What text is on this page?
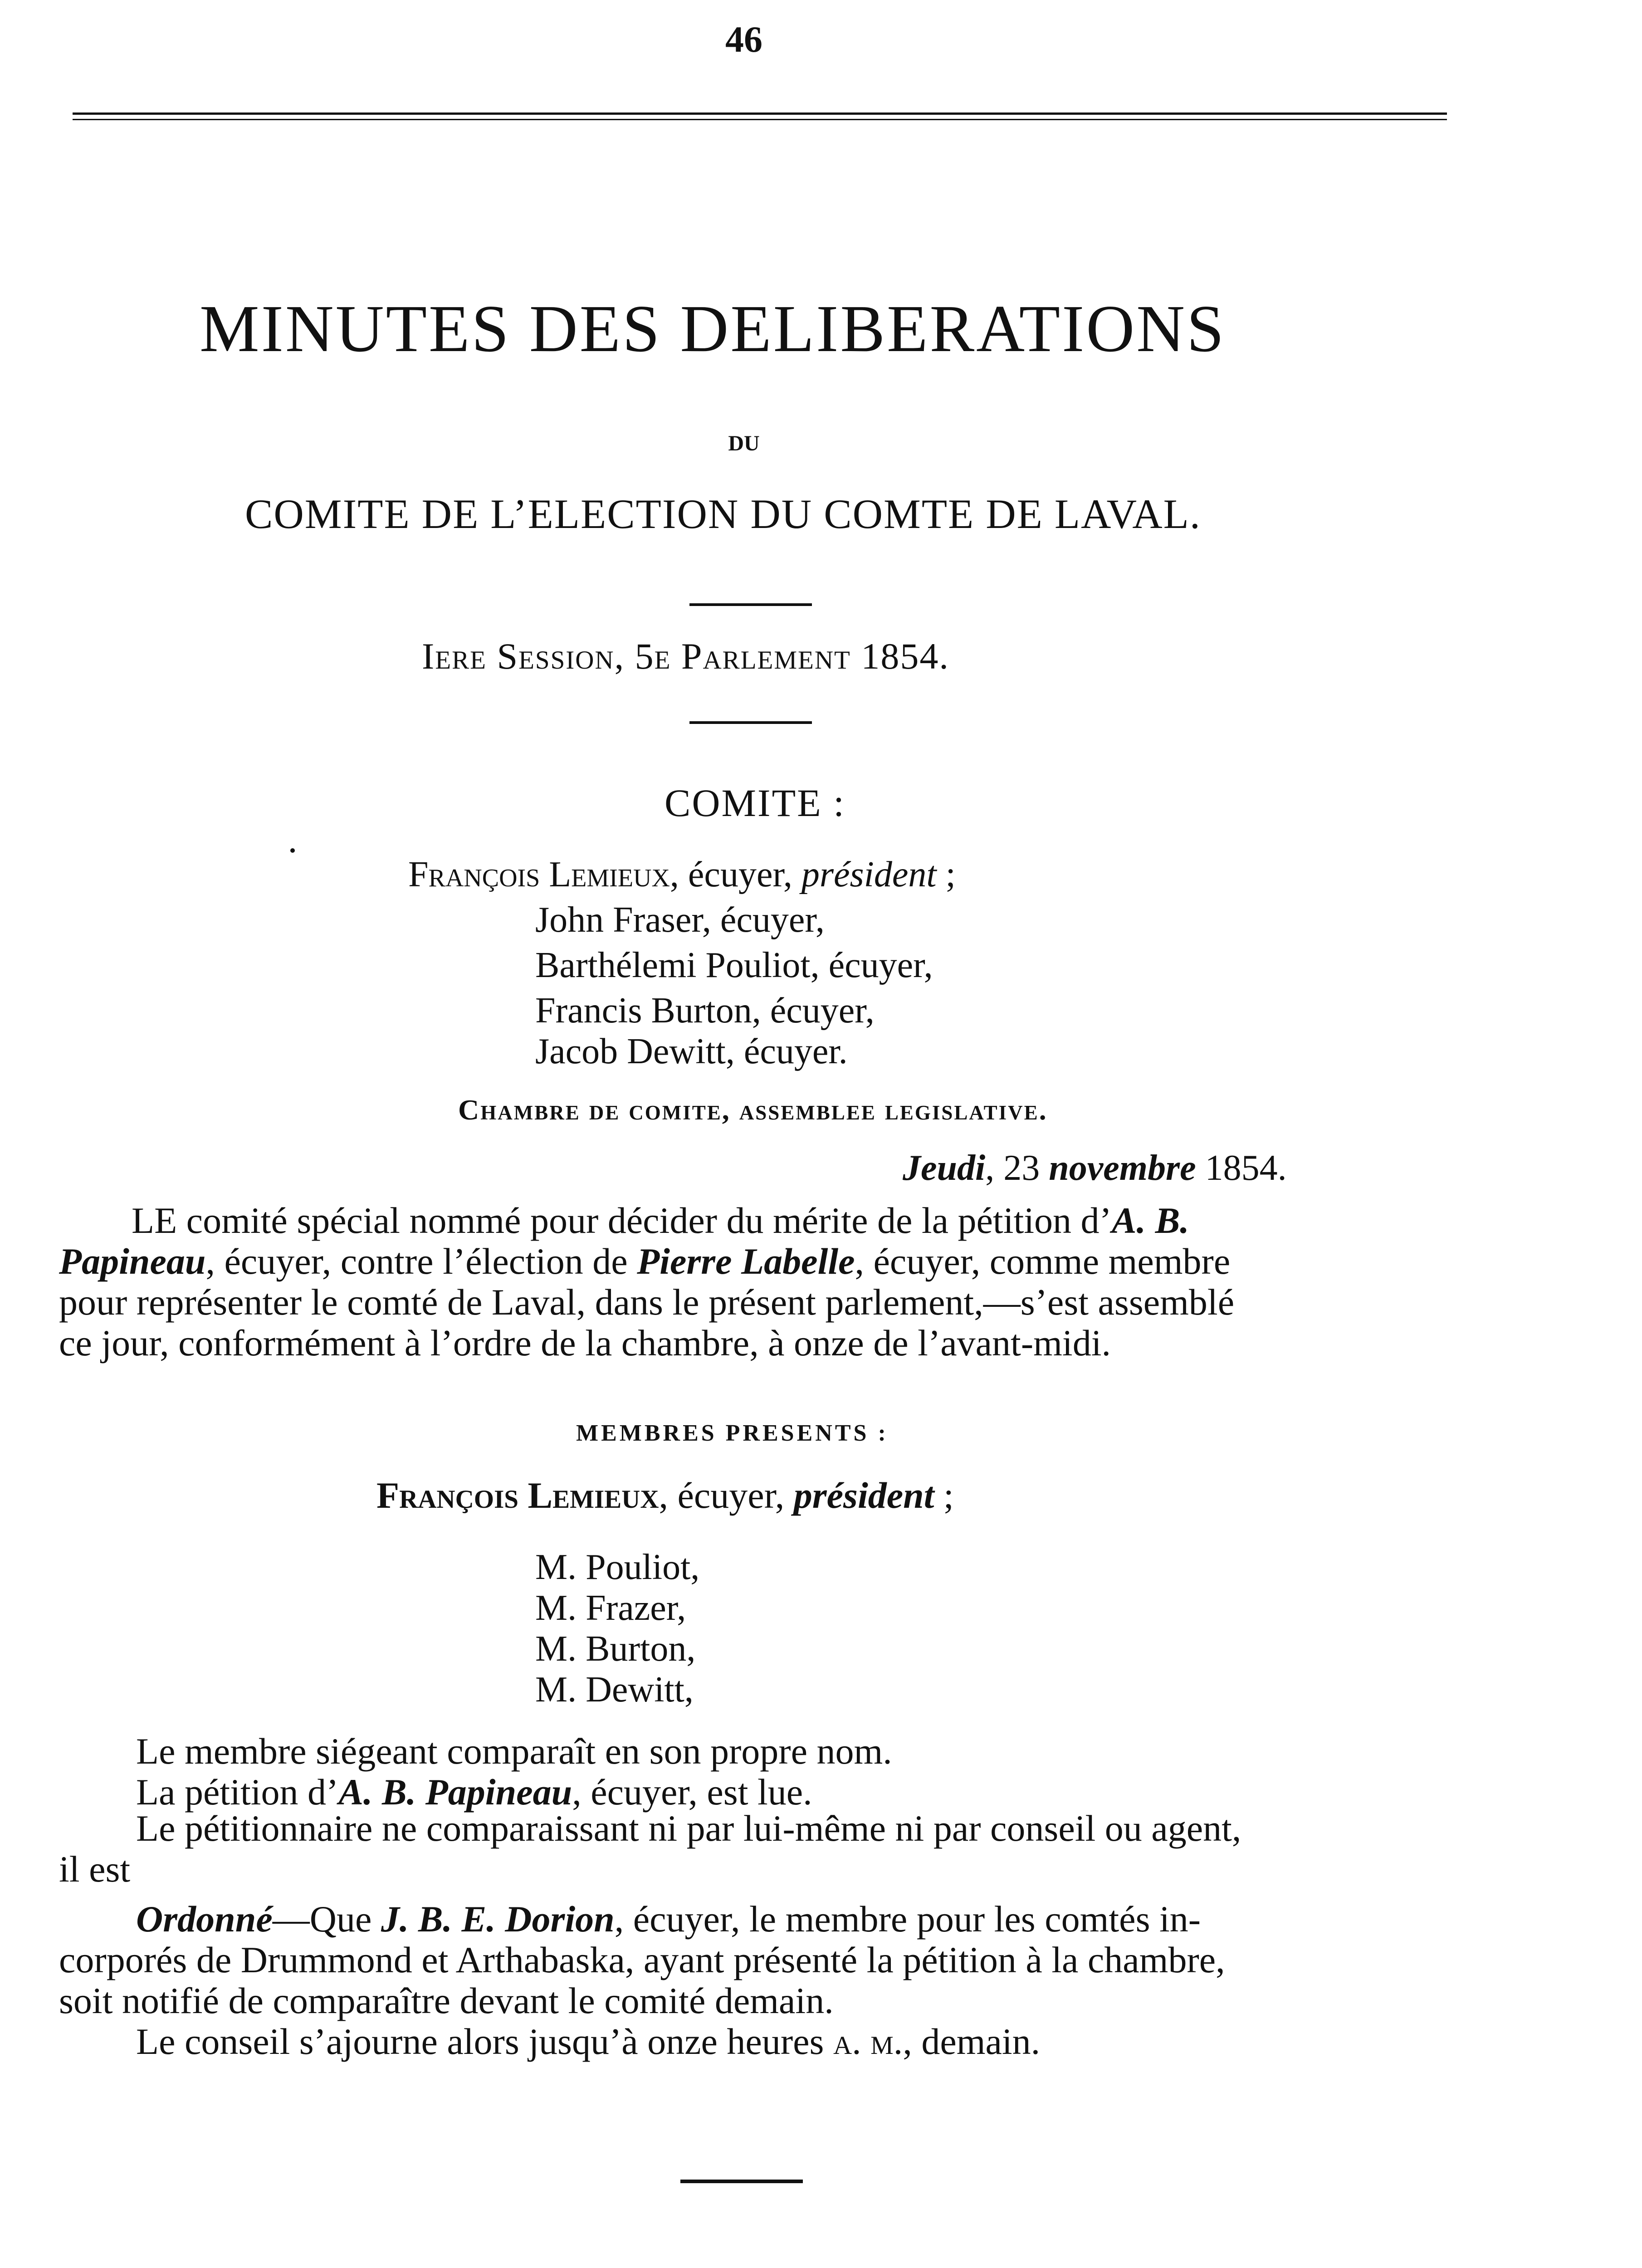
46
MINUTES DES DELIBERATIONS
DU
COMITE DE L’ELECTION DU COMTE DE LAVAL.
Iere Session, 5e Parlement 1854.
COMITE :
François Lemieux, écuyer, président ;
John Fraser, écuyer,
Barthélemi Pouliot, écuyer,
Francis Burton, écuyer,
Jacob Dewitt, écuyer.
Chambre de comite, assemblee legislative.
Jeudi, 23 novembre 1854.
LE comité spécial nommé pour décider du mérite de la pétition d’A. B.
Papineau, écuyer, contre l’élection de Pierre Labelle, écuyer, comme membre
pour représenter le comté de Laval, dans le présent parlement,—s’est assemblé
ce jour, conformément à l’ordre de la chambre, à onze de l’avant-midi.
MEMBRES PRESENTS :
François Lemieux, écuyer, président ;
M. Pouliot,
M. Frazer,
M. Burton,
M. Dewitt,
Le membre siégeant comparaît en son propre nom.
La pétition d’A. B. Papineau, écuyer, est lue.
Le pétitionnaire ne comparaissant ni par lui-même ni par conseil ou agent,
il est
Ordonné—Que J. B. E. Dorion, écuyer, le membre pour les comtés in-
corporés de Drummond et Arthabaska, ayant présenté la pétition à la chambre,
soit notifié de comparaître devant le comité demain.
Le conseil s’ajourne alors jusqu’à onze heures a. m., demain.
